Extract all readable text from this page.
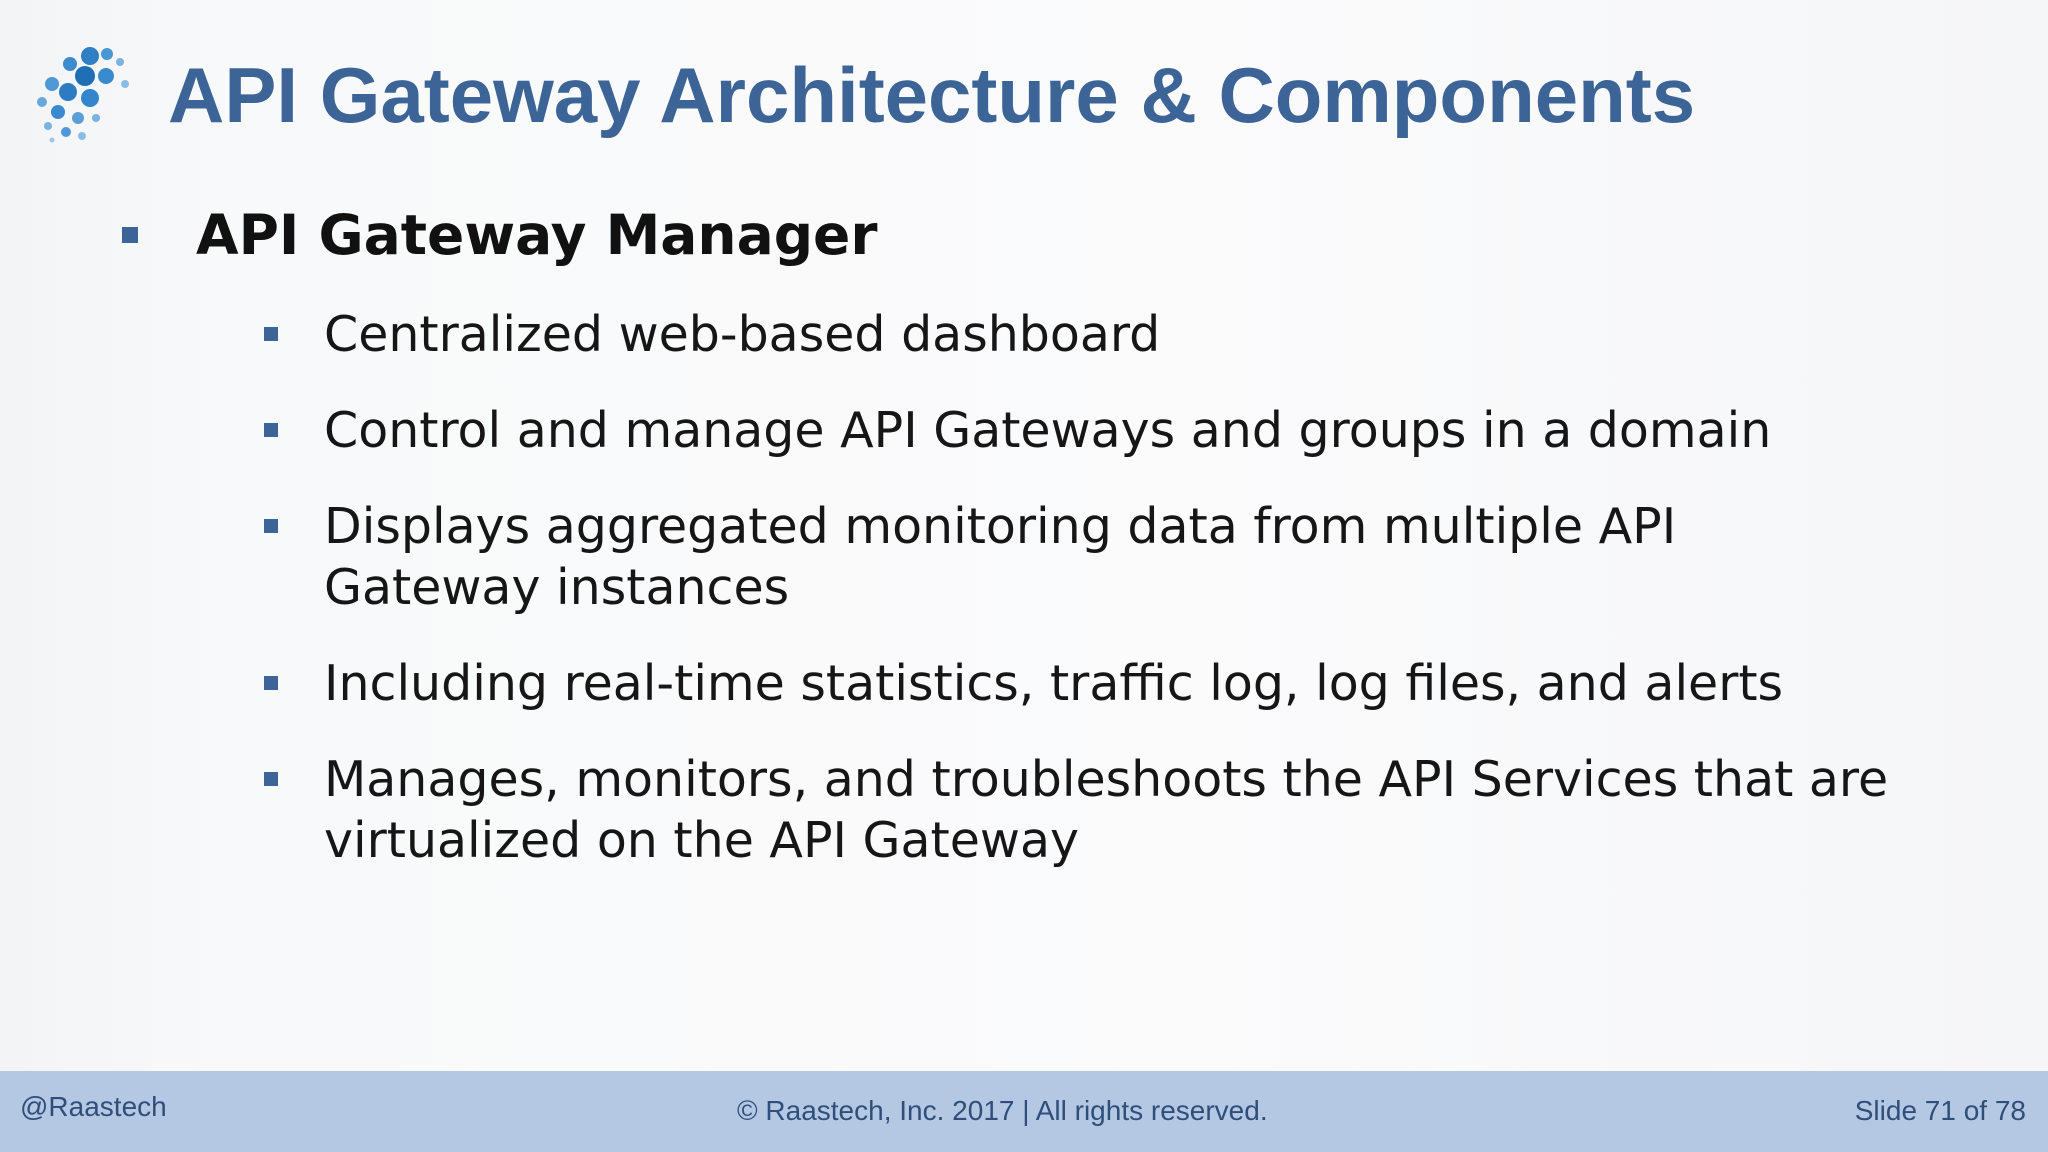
API Gateway Architecture & Components
API Gateway Manager
Centralized web-based dashboard
Control and manage API Gateways and groups in a domain
Displays aggregated monitoring data from multiple API Gateway instances
Including real-time statistics, traffic log, log files, and alerts
Manages, monitors, and troubleshoots the API Services that are virtualized on the API Gateway
@Raastech	© Raastech, Inc. 2017 | All rights reserved.	Slide 71 of 78
